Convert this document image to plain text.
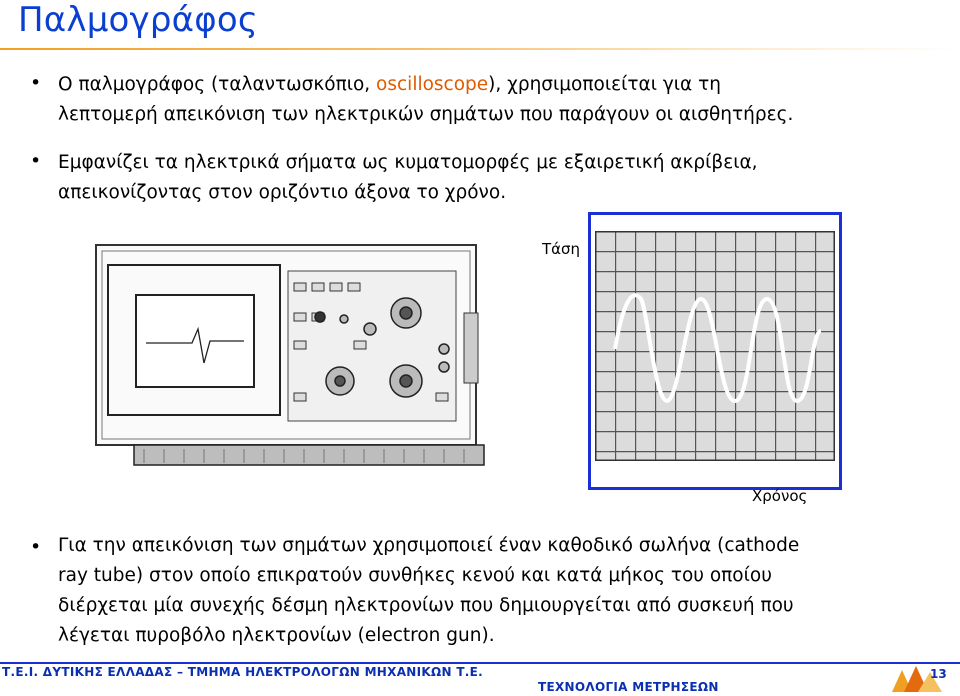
Παλμογράφος
• Ο παλμογράφος (ταλαντωσκόπιο, oscilloscope), χρησιμοποιείται για τη
λεπτομερή απεικόνιση των ηλεκτρικών σημάτων που παράγουν οι αισθητήρες.
• Εμφανίζει τα ηλεκτρικά σήματα ως κυματομορφές με εξαιρετική ακρίβεια,
απεικονίζοντας στον οριζόντιο άξονα το χρόνο.
Τάση
Χρόνος
• Για την απεικόνιση των σημάτων χρησιμοποιεί έναν καθοδικό σωλήνα (cathode
ray tube) στον οποίο επικρατούν συνθήκες κενού και κατά μήκος του οποίου
διέρχεται μία συνεχής δέσμη ηλεκτρονίων που δημιουργείται από συσκευή που
λέγεται πυροβόλο ηλεκτρονίων (electron gun).
Τ.Ε.Ι. ΔΥΤΙΚΗΣ ΕΛΛΑΔΑΣ – ΤΜΗΜΑ ΗΛΕΚΤΡΟΛΟΓΩΝ ΜΗΧΑΝΙΚΩΝ Τ.Ε.
ΤΕΧΝΟΛΟΓΙΑ ΜΕΤΡΗΣΕΩΝ
13
